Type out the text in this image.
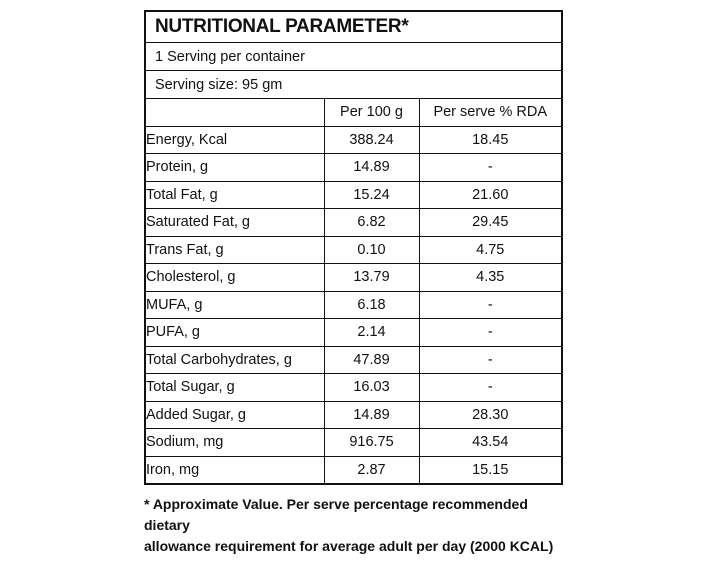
NUTRITIONAL PARAMETER*
1 Serving per container
Serving size: 95 gm
	Per 100 g	Per serve % RDA
Energy, Kcal	388.24	18.45
Protein, g	14.89	-
Total Fat, g	15.24	21.60
Saturated Fat, g	6.82	29.45
Trans Fat, g	0.10	4.75
Cholesterol, g	13.79	4.35
MUFA, g	6.18	-
PUFA, g	2.14	-
Total Carbohydrates, g	47.89	-
Total Sugar, g	16.03	-
Added Sugar, g	14.89	28.30
Sodium, mg	916.75	43.54
Iron, mg	2.87	15.15
* Approximate Value. Per serve percentage recommended dietary
allowance requirement for average adult per day (2000 KCAL)
